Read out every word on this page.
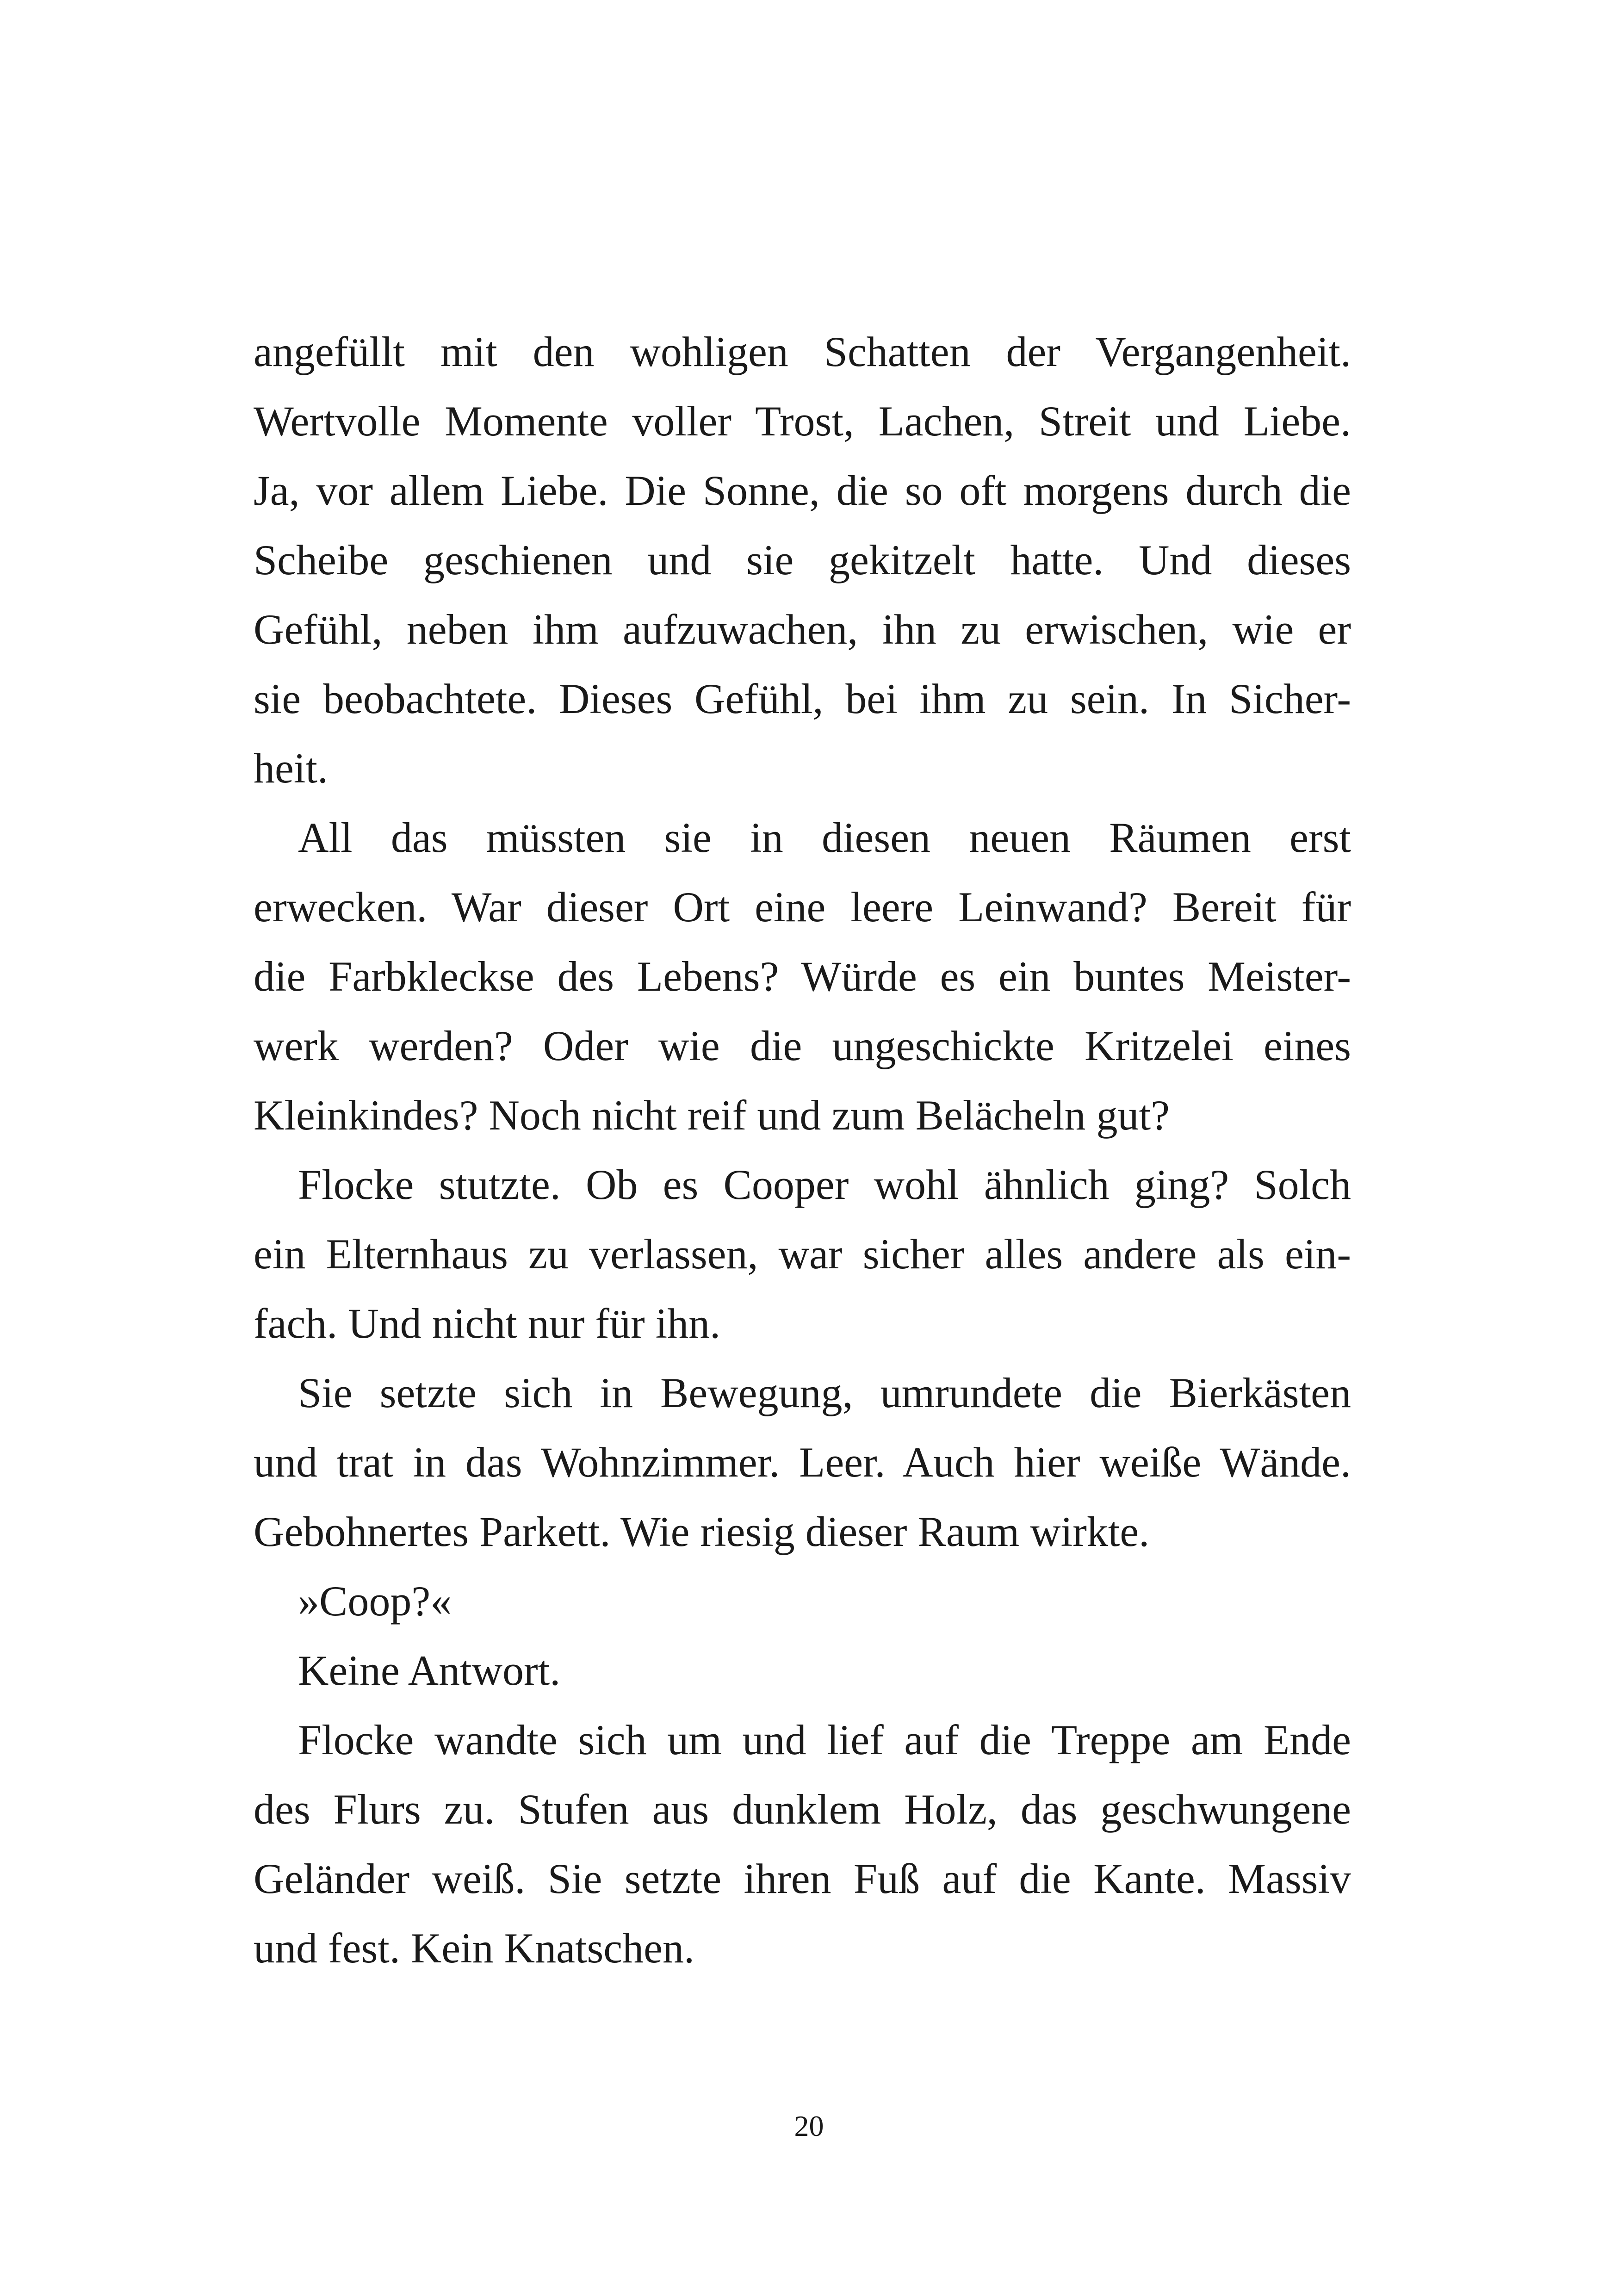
angefüllt mit den wohligen Schatten der Vergangenheit.
Wertvolle Momente voller Trost, Lachen, Streit und Liebe.
Ja, vor allem Liebe. Die Sonne, die so oft morgens durch die
Scheibe geschienen und sie gekitzelt hatte. Und dieses
Gefühl, neben ihm aufzuwachen, ihn zu erwischen, wie er
sie beobachtete. Dieses Gefühl, bei ihm zu sein. In Sicher-
heit.
All das müssten sie in diesen neuen Räumen erst
erwecken. War dieser Ort eine leere Leinwand? Bereit für
die Farbkleckse des Lebens? Würde es ein buntes Meister-
werk werden? Oder wie die ungeschickte Kritzelei eines
Kleinkindes? Noch nicht reif und zum Belächeln gut?
Flocke stutzte. Ob es Cooper wohl ähnlich ging? Solch
ein Elternhaus zu verlassen, war sicher alles andere als ein-
fach. Und nicht nur für ihn.
Sie setzte sich in Bewegung, umrundete die Bierkästen
und trat in das Wohnzimmer. Leer. Auch hier weiße Wände.
Gebohnertes Parkett. Wie riesig dieser Raum wirkte.
»Coop?«
Keine Antwort.
Flocke wandte sich um und lief auf die Treppe am Ende
des Flurs zu. Stufen aus dunklem Holz, das geschwungene
Geländer weiß. Sie setzte ihren Fuß auf die Kante. Massiv
und fest. Kein Knatschen.
20
